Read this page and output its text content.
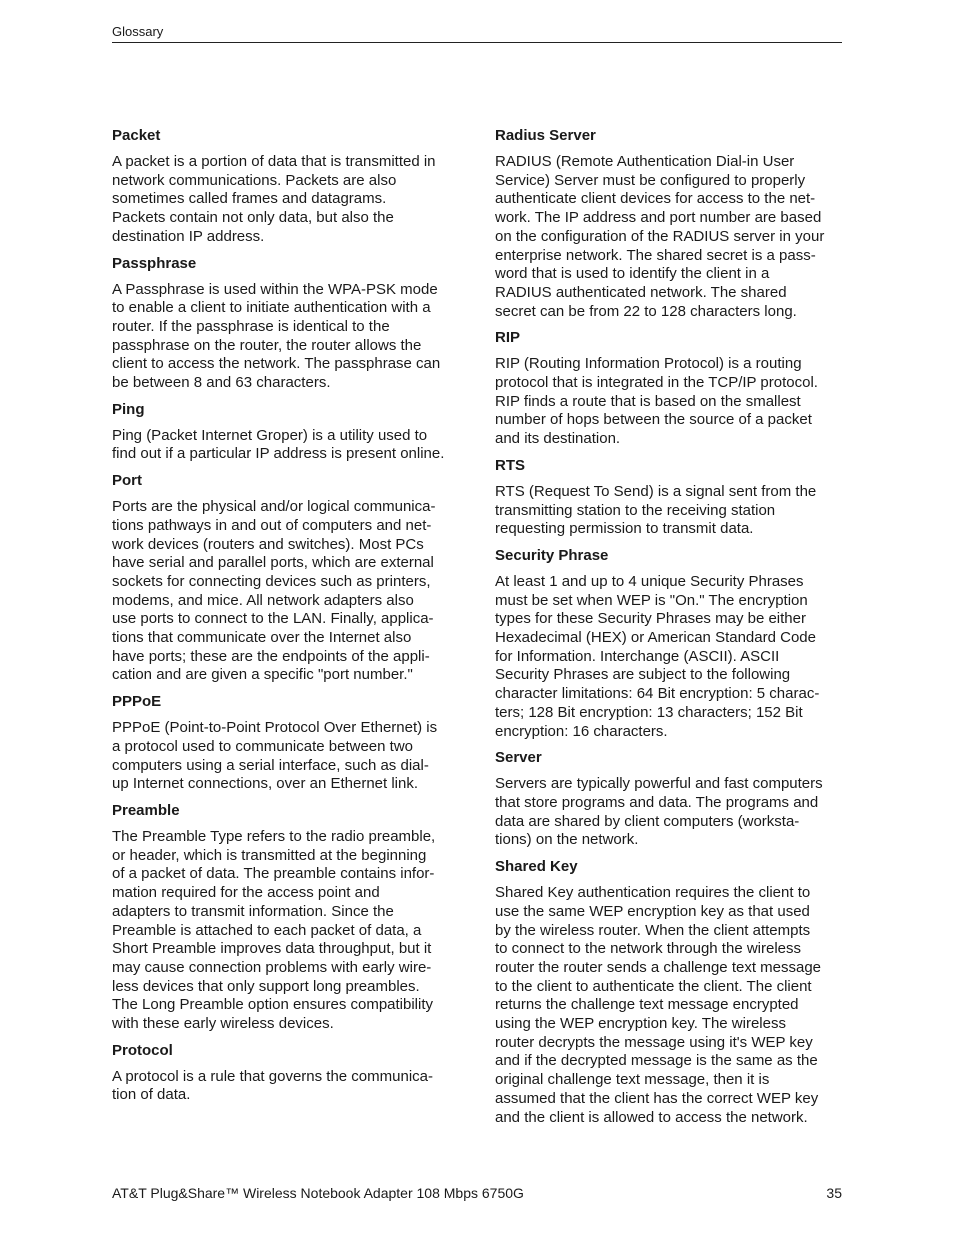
Glossary
Packet

A packet is a portion of data that is transmitted in
network communications. Packets are also
sometimes called frames and datagrams.
Packets contain not only data, but also the
destination IP address.

Passphrase

A Passphrase is used within the WPA-PSK mode
to enable a client to initiate authentication with a
router. If the passphrase is identical to the
passphrase on the router, the router allows the
client to access the network. The passphrase can
be between 8 and 63 characters.

Ping

Ping (Packet Internet Groper) is a utility used to
find out if a particular IP address is present online.

Port

Ports are the physical and/or logical communica-
tions pathways in and out of computers and net-
work devices (routers and switches). Most PCs
have serial and parallel ports, which are external
sockets for connecting devices such as printers,
modems, and mice. All network adapters also
use ports to connect to the LAN. Finally, applica-
tions that communicate over the Internet also
have ports; these are the endpoints of the appli-
cation and are given a specific "port number."

PPPoE

PPPoE (Point-to-Point Protocol Over Ethernet) is
a protocol used to communicate between two
computers using a serial interface, such as dial-
up Internet connections, over an Ethernet link.

Preamble

The Preamble Type refers to the radio preamble,
or header, which is transmitted at the beginning
of a packet of data. The preamble contains infor-
mation required for the access point and
adapters to transmit information. Since the
Preamble is attached to each packet of data, a
Short Preamble improves data throughput, but it
may cause connection problems with early wire-
less devices that only support long preambles.
The Long Preamble option ensures compatibility
with these early wireless devices.

Protocol

A protocol is a rule that governs the communica-
tion of data.

Radius Server

RADIUS (Remote Authentication Dial-in User
Service) Server must be configured to properly
authenticate client devices for access to the net-
work. The IP address and port number are based
on the configuration of the RADIUS server in your
enterprise network. The shared secret is a pass-
word that is used to identify the client in a
RADIUS authenticated network. The shared
secret can be from 22 to 128 characters long.

RIP

RIP (Routing Information Protocol) is a routing
protocol that is integrated in the TCP/IP protocol.
RIP finds a route that is based on the smallest
number of hops between the source of a packet
and its destination.

RTS

RTS (Request To Send) is a signal sent from the
transmitting station to the receiving station
requesting permission to transmit data.

Security Phrase

At least 1 and up to 4 unique Security Phrases
must be set when WEP is "On." The encryption
types for these Security Phrases may be either
Hexadecimal (HEX) or American Standard Code
for Information. Interchange (ASCII). ASCII
Security Phrases are subject to the following
character limitations: 64 Bit encryption: 5 charac-
ters; 128 Bit encryption: 13 characters; 152 Bit
encryption: 16 characters.

Server

Servers are typically powerful and fast computers
that store programs and data. The programs and
data are shared by client computers (worksta-
tions) on the network.

Shared Key

Shared Key authentication requires the client to
use the same WEP encryption key as that used
by the wireless router. When the client attempts
to connect to the network through the wireless
router the router sends a challenge text message
to the client to authenticate the client. The client
returns the challenge text message encrypted
using the WEP encryption key. The wireless
router decrypts the message using it's WEP key
and if the decrypted message is the same as the
original challenge text message, then it is
assumed that the client has the correct WEP key
and the client is allowed to access the network.

AT&T Plug&Share™ Wireless Notebook Adapter 108 Mbps 6750G	35
